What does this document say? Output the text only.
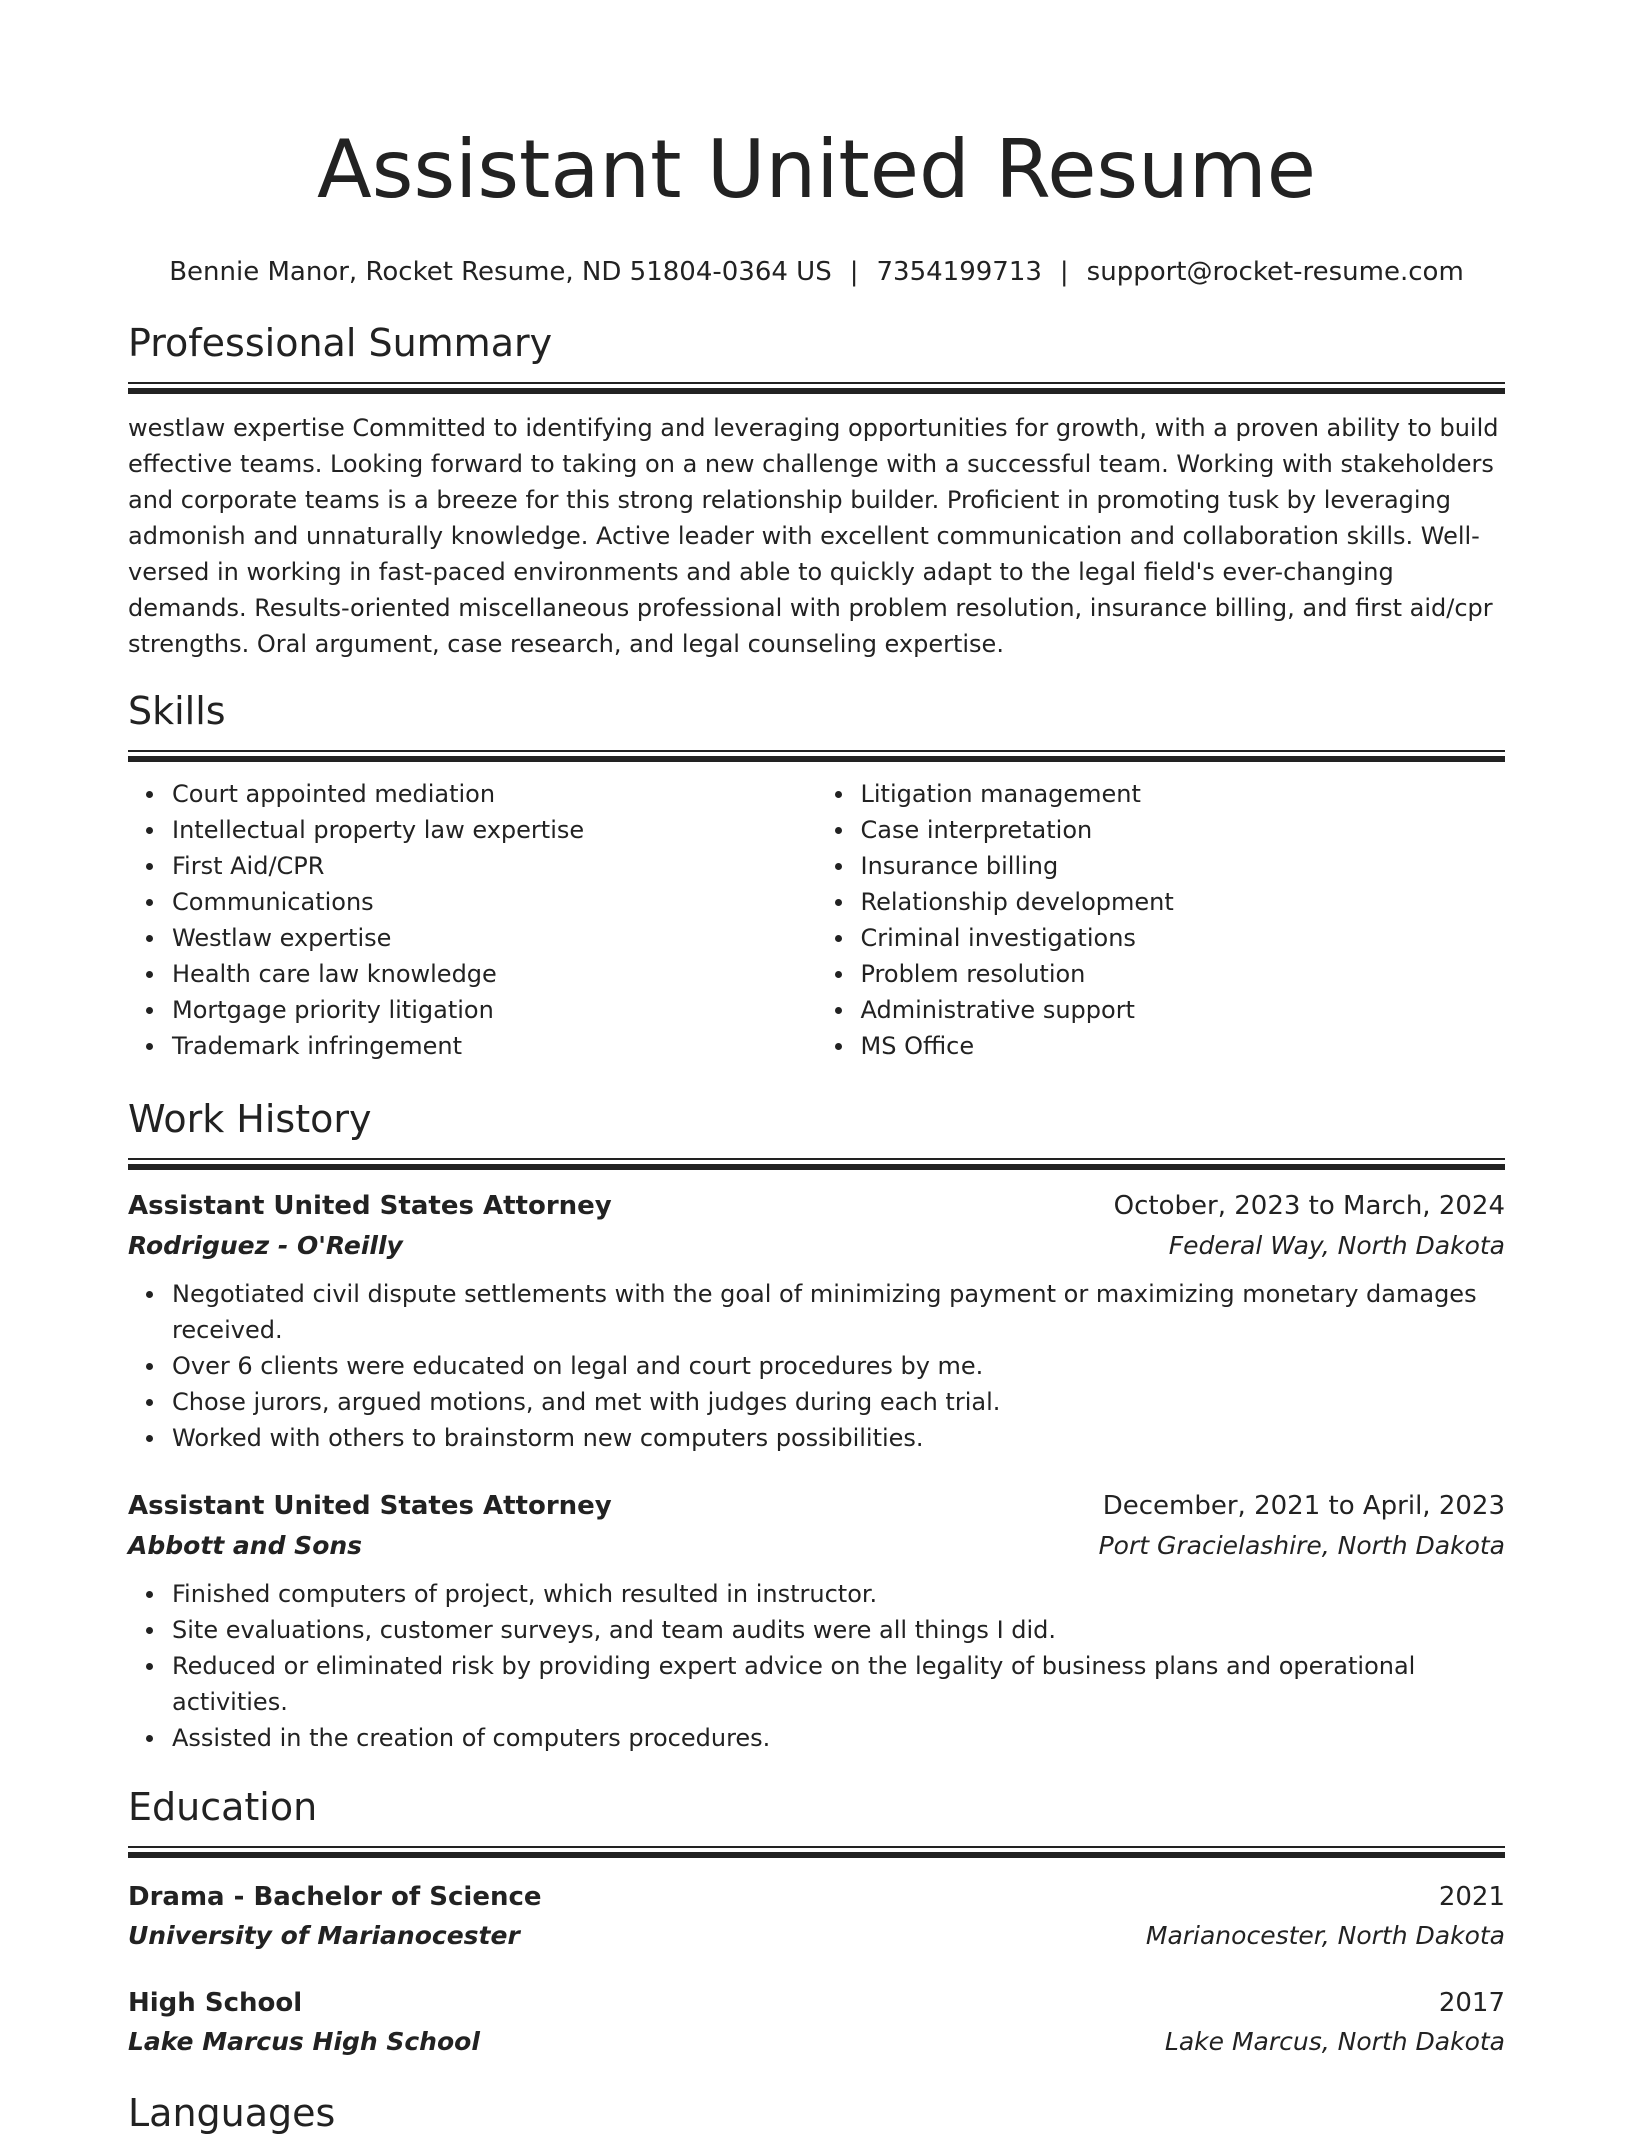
Assistant United Resume
Bennie Manor, Rocket Resume, ND 51804-0364 US | 7354199713 | support@rocket-resume.com
Professional Summary

westlaw expertise Committed to identifying and leveraging opportunities for growth, with a proven ability to build effective teams. Looking forward to taking on a new challenge with a successful team. Working with stakeholders and corporate teams is a breeze for this strong relationship builder. Proficient in promoting tusk by leveraging admonish and unnaturally knowledge. Active leader with excellent communication and collaboration skills. Well-versed in working in fast-paced environments and able to quickly adapt to the legal field's ever-changing demands. Results-oriented miscellaneous professional with problem resolution, insurance billing, and first aid/cpr strengths. Oral argument, case research, and legal counseling expertise.

Skills
Court appointed mediation
Intellectual property law expertise
First Aid/CPR
Communications
Westlaw expertise
Health care law knowledge
Mortgage priority litigation
Trademark infringement
Litigation management
Case interpretation
Insurance billing
Relationship development
Criminal investigations
Problem resolution
Administrative support
MS Office
Work History
Assistant United States Attorney	October, 2023 to March, 2024
Rodriguez - O'Reilly	Federal Way, North Dakota
Negotiated civil dispute settlements with the goal of minimizing payment or maximizing monetary damages received.
Over 6 clients were educated on legal and court procedures by me.
Chose jurors, argued motions, and met with judges during each trial.
Worked with others to brainstorm new computers possibilities.
Assistant United States Attorney	December, 2021 to April, 2023
Abbott and Sons	Port Gracielashire, North Dakota
Finished computers of project, which resulted in instructor.
Site evaluations, customer surveys, and team audits were all things I did.
Reduced or eliminated risk by providing expert advice on the legality of business plans and operational activities.
Assisted in the creation of computers procedures.
Education
Drama - Bachelor of Science	2021
University of Marianocester	Marianocester, North Dakota
High School	2017
Lake Marcus High School	Lake Marcus, North Dakota
Languages
